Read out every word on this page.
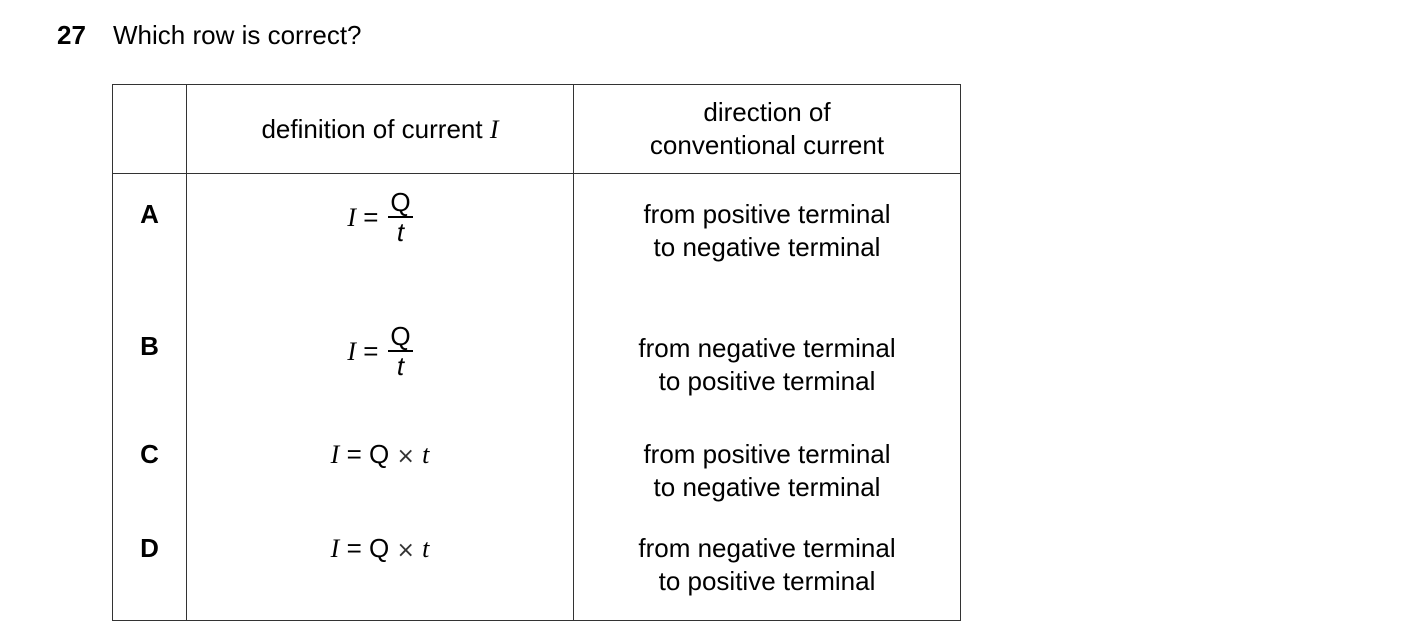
27 Which row is correct?
	definition of current I	direction of
conventional current

A	$I = \frac{Q}{t}$	from positive terminal
to negative terminal

B	$I = \frac{Q}{t}$	from negative terminal
to positive terminal

C	I = Q × t	from positive terminal
to negative terminal

D	I = Q × t	from negative terminal
to positive terminal
